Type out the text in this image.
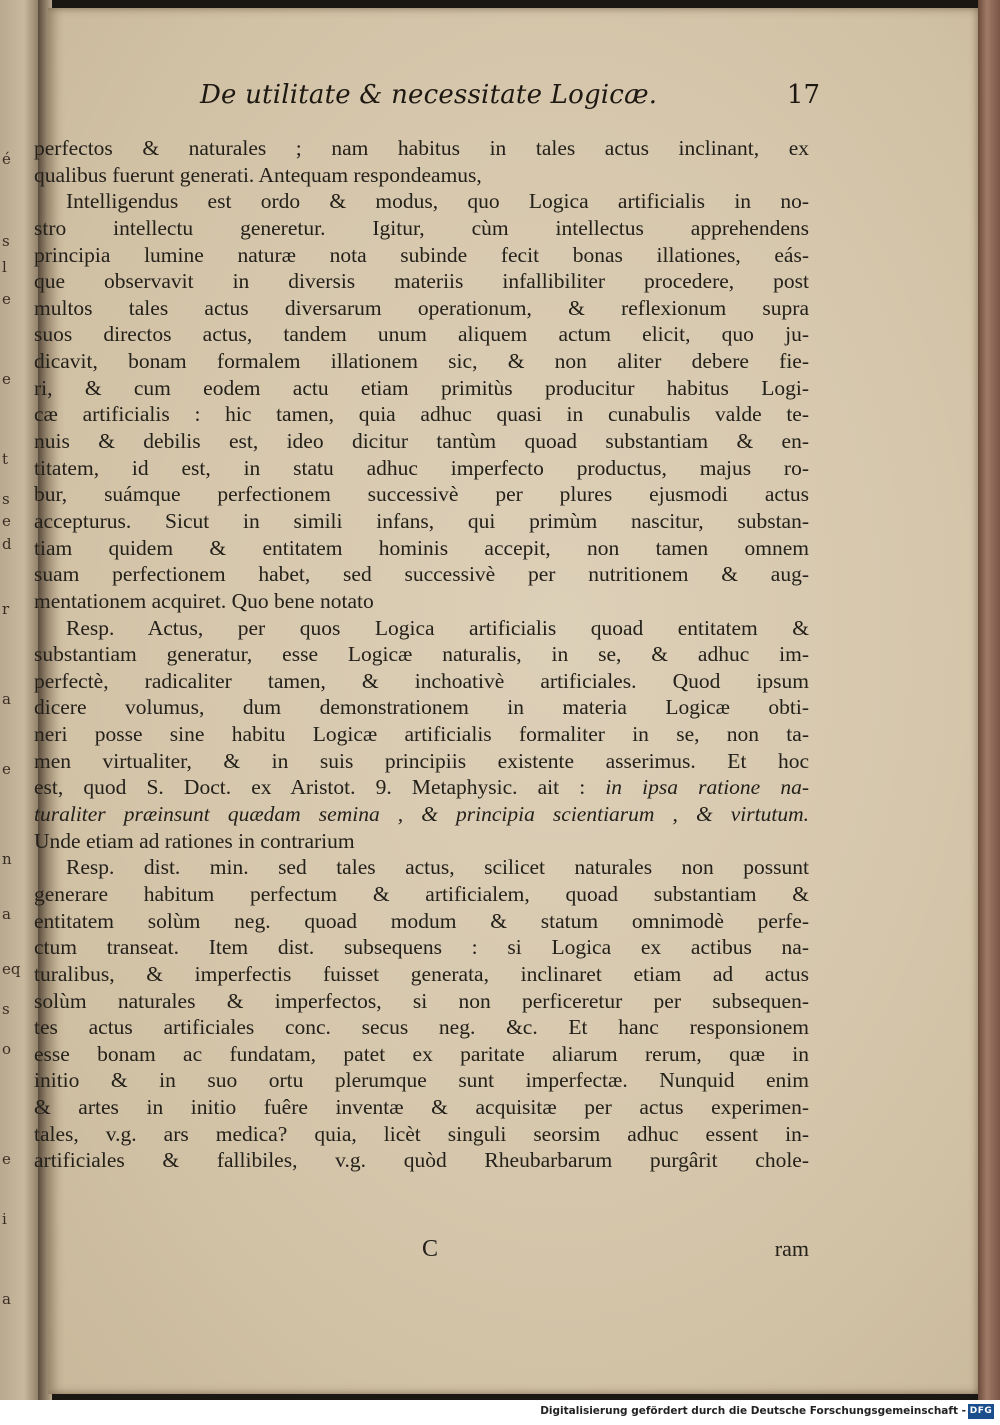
é
s
l
e
e
t
s
e
d
r
a
e
n
a
eq
s
o
e
i
a
De utilitate & necessitate Logicæ.	17
perfectos & naturales ; nam habitus in tales actus inclinant, ex
qualibus fuerunt generati. Antequam respondeamus,
Intelligendus est ordo & modus, quo Logica artificialis in no-
stro intellectu generetur. Igitur, cùm intellectus apprehendens
principia lumine naturæ nota subinde fecit bonas illationes, eás-
que observavit in diversis materiis infallibiliter procedere, post
multos tales actus diversarum operationum, & reflexionum supra
suos directos actus, tandem unum aliquem actum elicit, quo ju-
dicavit, bonam formalem illationem sic, & non aliter debere fie-
ri, & cum eodem actu etiam primitùs producitur habitus Logi-
cæ artificialis : hic tamen, quia adhuc quasi in cunabulis valde te-
nuis & debilis est, ideo dicitur tantùm quoad substantiam & en-
titatem, id est, in statu adhuc imperfecto productus, majus ro-
bur, suámque perfectionem successivè per plures ejusmodi actus
accepturus. Sicut in simili infans, qui primùm nascitur, substan-
tiam quidem & entitatem hominis accepit, non tamen omnem
suam perfectionem habet, sed successivè per nutritionem & aug-
mentationem acquiret. Quo bene notato
Resp. Actus, per quos Logica artificialis quoad entitatem &
substantiam generatur, esse Logicæ naturalis, in se, & adhuc im-
perfectè, radicaliter tamen, & inchoativè artificiales. Quod ipsum
dicere volumus, dum demonstrationem in materia Logicæ obti-
neri posse sine habitu Logicæ artificialis formaliter in se, non ta-
men virtualiter, & in suis principiis existente asserimus. Et hoc
est, quod S. Doct. ex Aristot. 9. Metaphysic. ait : in ipsa ratione na-
turaliter præinsunt quædam semina , & principia scientiarum , & virtutum.
Unde etiam ad rationes in contrarium
Resp. dist. min. sed tales actus, scilicet naturales non possunt
generare habitum perfectum & artificialem, quoad substantiam &
entitatem solùm neg. quoad modum & statum omnimodè perfe-
ctum transeat. Item dist. subsequens : si Logica ex actibus na-
turalibus, & imperfectis fuisset generata, inclinaret etiam ad actus
solùm naturales & imperfectos, si non perficeretur per subsequen-
tes actus artificiales conc. secus neg. &c. Et hanc responsionem
esse bonam ac fundatam, patet ex paritate aliarum rerum, quæ in
initio & in suo ortu plerumque sunt imperfectæ. Nunquid enim
& artes in initio fuêre inventæ & acquisitæ per actus experimen-
tales, v.g. ars medica? quia, licèt singuli seorsim adhuc essent in-
artificiales & fallibiles, v.g. quòd Rheubarbarum purgârit chole-
C	ram
Digitalisierung gefördert durch die Deutsche Forschungsgemeinschaft - DFG
